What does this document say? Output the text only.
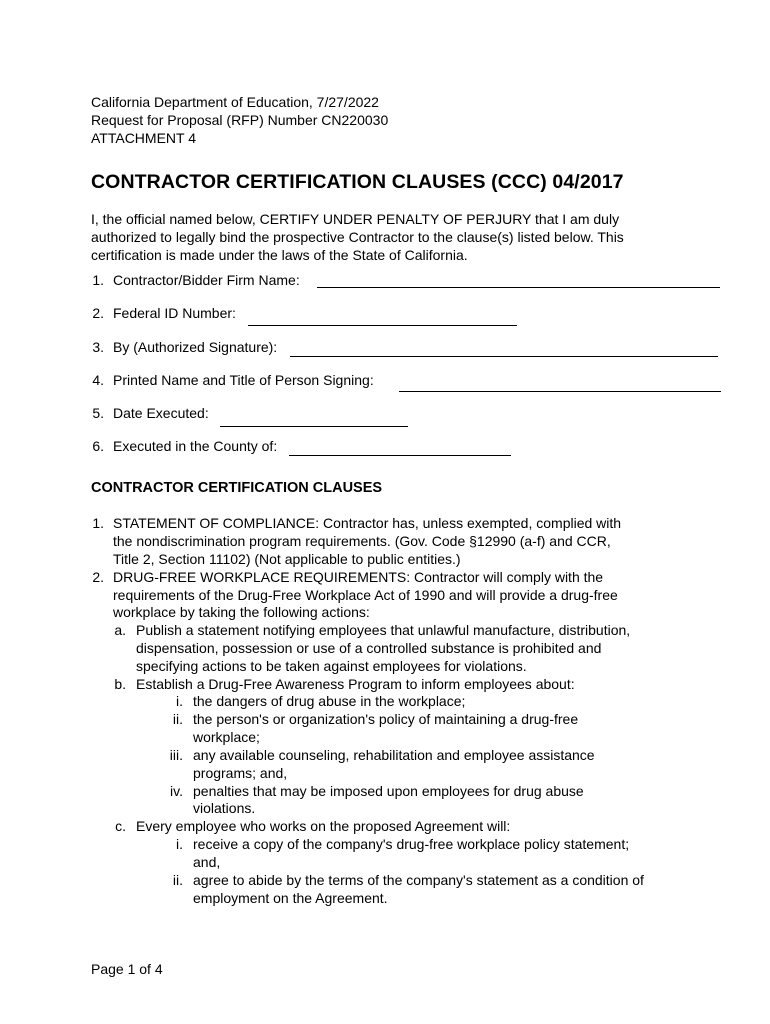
California Department of Education, 7/27/2022
Request for Proposal (RFP) Number CN220030
ATTACHMENT 4
CONTRACTOR CERTIFICATION CLAUSES (CCC) 04/2017
I, the official named below, CERTIFY UNDER PENALTY OF PERJURY that I am duly
authorized to legally bind the prospective Contractor to the clause(s) listed below. This
certification is made under the laws of the State of California.
1. Contractor/Bidder Firm Name:
2. Federal ID Number:
3. By (Authorized Signature):
4. Printed Name and Title of Person Signing:
5. Date Executed:
6. Executed in the County of:
CONTRACTOR CERTIFICATION CLAUSES
1. STATEMENT OF COMPLIANCE: Contractor has, unless exempted, complied with
the nondiscrimination program requirements. (Gov. Code §12990 (a-f) and CCR,
Title 2, Section 11102) (Not applicable to public entities.)
2. DRUG-FREE WORKPLACE REQUIREMENTS: Contractor will comply with the
requirements of the Drug-Free Workplace Act of 1990 and will provide a drug-free
workplace by taking the following actions:
a. Publish a statement notifying employees that unlawful manufacture, distribution,
dispensation, possession or use of a controlled substance is prohibited and
specifying actions to be taken against employees for violations.
b. Establish a Drug-Free Awareness Program to inform employees about:
i. the dangers of drug abuse in the workplace;
ii. the person's or organization's policy of maintaining a drug-free
workplace;
iii. any available counseling, rehabilitation and employee assistance
programs; and,
iv. penalties that may be imposed upon employees for drug abuse
violations.
c. Every employee who works on the proposed Agreement will:
i. receive a copy of the company's drug-free workplace policy statement;
and,
ii. agree to abide by the terms of the company's statement as a condition of
employment on the Agreement.
Page 1 of 4
